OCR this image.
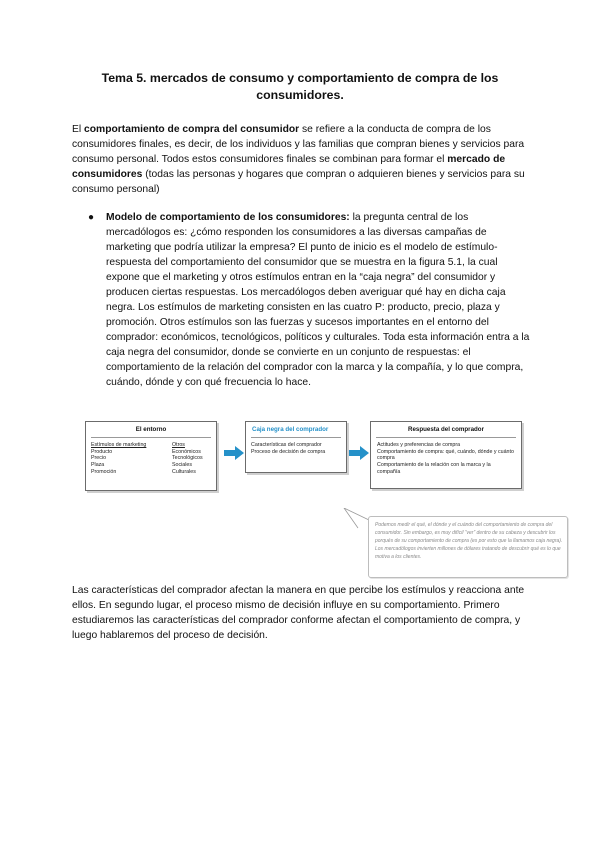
Tema 5. mercados de consumo y comportamiento de compra de los consumidores.
El comportamiento de compra del consumidor se refiere a la conducta de compra de los consumidores finales, es decir, de los individuos y las familias que compran bienes y servicios para consumo personal. Todos estos consumidores finales se combinan para formar el mercado de consumidores (todas las personas y hogares que compran o adquieren bienes y servicios para su consumo personal)
● Modelo de comportamiento de los consumidores: la pregunta central de los mercadólogos es: ¿cómo responden los consumidores a las diversas campañas de marketing que podría utilizar la empresa? El punto de inicio es el modelo de estímulo-respuesta del comportamiento del consumidor que se muestra en la figura 5.1, la cual expone que el marketing y otros estímulos entran en la “caja negra” del consumidor y producen ciertas respuestas. Los mercadólogos deben averiguar qué hay en dicha caja negra. Los estímulos de marketing consisten en las cuatro P: producto, precio, plaza y promoción. Otros estímulos son las fuerzas y sucesos importantes en el entorno del comprador: económicos, tecnológicos, políticos y culturales. Toda esta información entra a la caja negra del consumidor, donde se convierte en un conjunto de respuestas: el comportamiento de la relación del comprador con la marca y la compañía, y lo que compra, cuándo, dónde y con qué frecuencia lo hace.
El entorno
Estímulos de marketing
Producto
Precio
Plaza
Promoción
Otros
Económicos
Tecnológicos
Sociales
Culturales
Caja negra del comprador
Características del comprador
Proceso de decisión de compra
Respuesta del comprador
Actitudes y preferencias de compra
Comportamiento de compra: qué, cuándo, dónde y cuánto compra
Comportamiento de la relación con la marca y la compañía
Podemos medir el qué, el dónde y el cuándo del comportamiento de compra del consumidor. Sin embargo, es muy difícil “ver” dentro de su cabeza y descubrir los porqués de su comportamiento de compra (es por esto que la llamamos caja negra). Los mercadólogos invierten millones de dólares tratando de descubrir qué es lo que motiva a los clientes.
Las características del comprador afectan la manera en que percibe los estímulos y reacciona ante ellos. En segundo lugar, el proceso mismo de decisión influye en su comportamiento. Primero estudiaremos las características del comprador conforme afectan el comportamiento de compra, y luego hablaremos del proceso de decisión.
